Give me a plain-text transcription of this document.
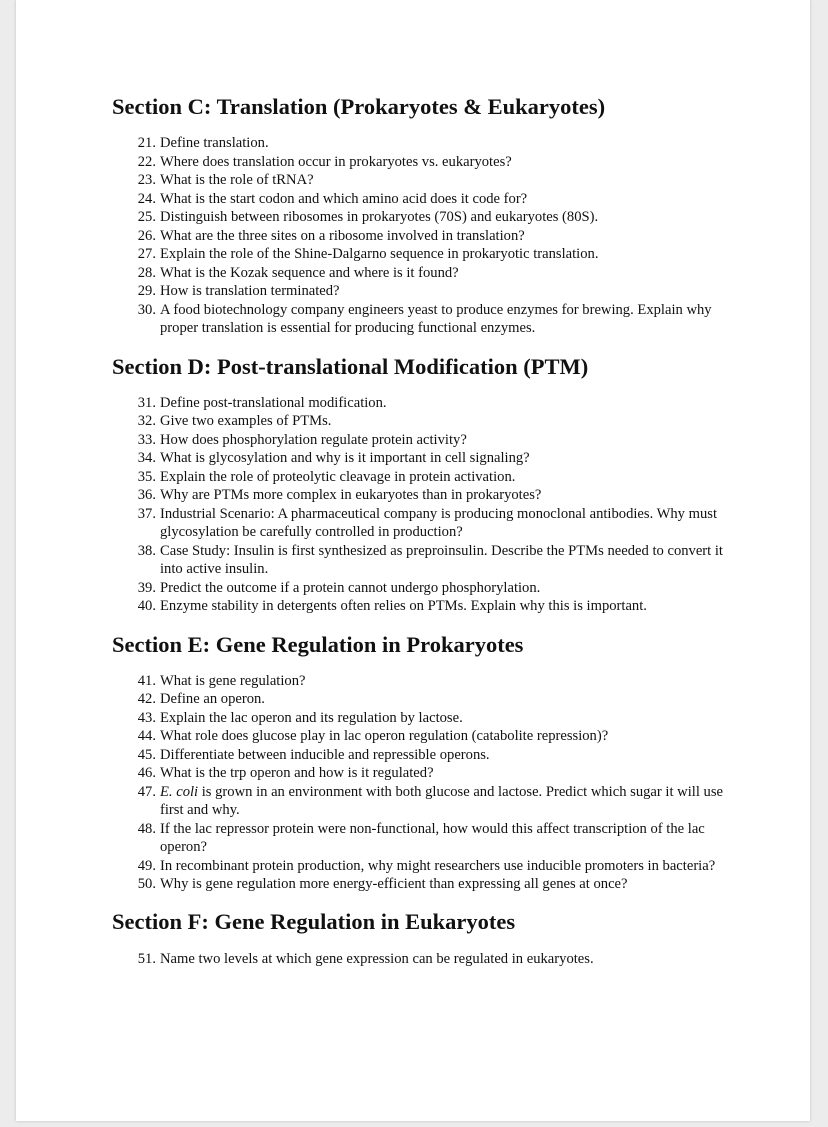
Section C: Translation (Prokaryotes & Eukaryotes)
21. Define translation.
22. Where does translation occur in prokaryotes vs. eukaryotes?
23. What is the role of tRNA?
24. What is the start codon and which amino acid does it code for?
25. Distinguish between ribosomes in prokaryotes (70S) and eukaryotes (80S).
26. What are the three sites on a ribosome involved in translation?
27. Explain the role of the Shine-Dalgarno sequence in prokaryotic translation.
28. What is the Kozak sequence and where is it found?
29. How is translation terminated?
30. A food biotechnology company engineers yeast to produce enzymes for brewing. Explain why proper translation is essential for producing functional enzymes.
Section D: Post-translational Modification (PTM)
31. Define post-translational modification.
32. Give two examples of PTMs.
33. How does phosphorylation regulate protein activity?
34. What is glycosylation and why is it important in cell signaling?
35. Explain the role of proteolytic cleavage in protein activation.
36. Why are PTMs more complex in eukaryotes than in prokaryotes?
37. Industrial Scenario: A pharmaceutical company is producing monoclonal antibodies. Why must glycosylation be carefully controlled in production?
38. Case Study: Insulin is first synthesized as preproinsulin. Describe the PTMs needed to convert it into active insulin.
39. Predict the outcome if a protein cannot undergo phosphorylation.
40. Enzyme stability in detergents often relies on PTMs. Explain why this is important.
Section E: Gene Regulation in Prokaryotes
41. What is gene regulation?
42. Define an operon.
43. Explain the lac operon and its regulation by lactose.
44. What role does glucose play in lac operon regulation (catabolite repression)?
45. Differentiate between inducible and repressible operons.
46. What is the trp operon and how is it regulated?
47. E. coli is grown in an environment with both glucose and lactose. Predict which sugar it will use first and why.
48. If the lac repressor protein were non-functional, how would this affect transcription of the lac operon?
49. In recombinant protein production, why might researchers use inducible promoters in bacteria?
50. Why is gene regulation more energy-efficient than expressing all genes at once?
Section F: Gene Regulation in Eukaryotes
51. Name two levels at which gene expression can be regulated in eukaryotes.
